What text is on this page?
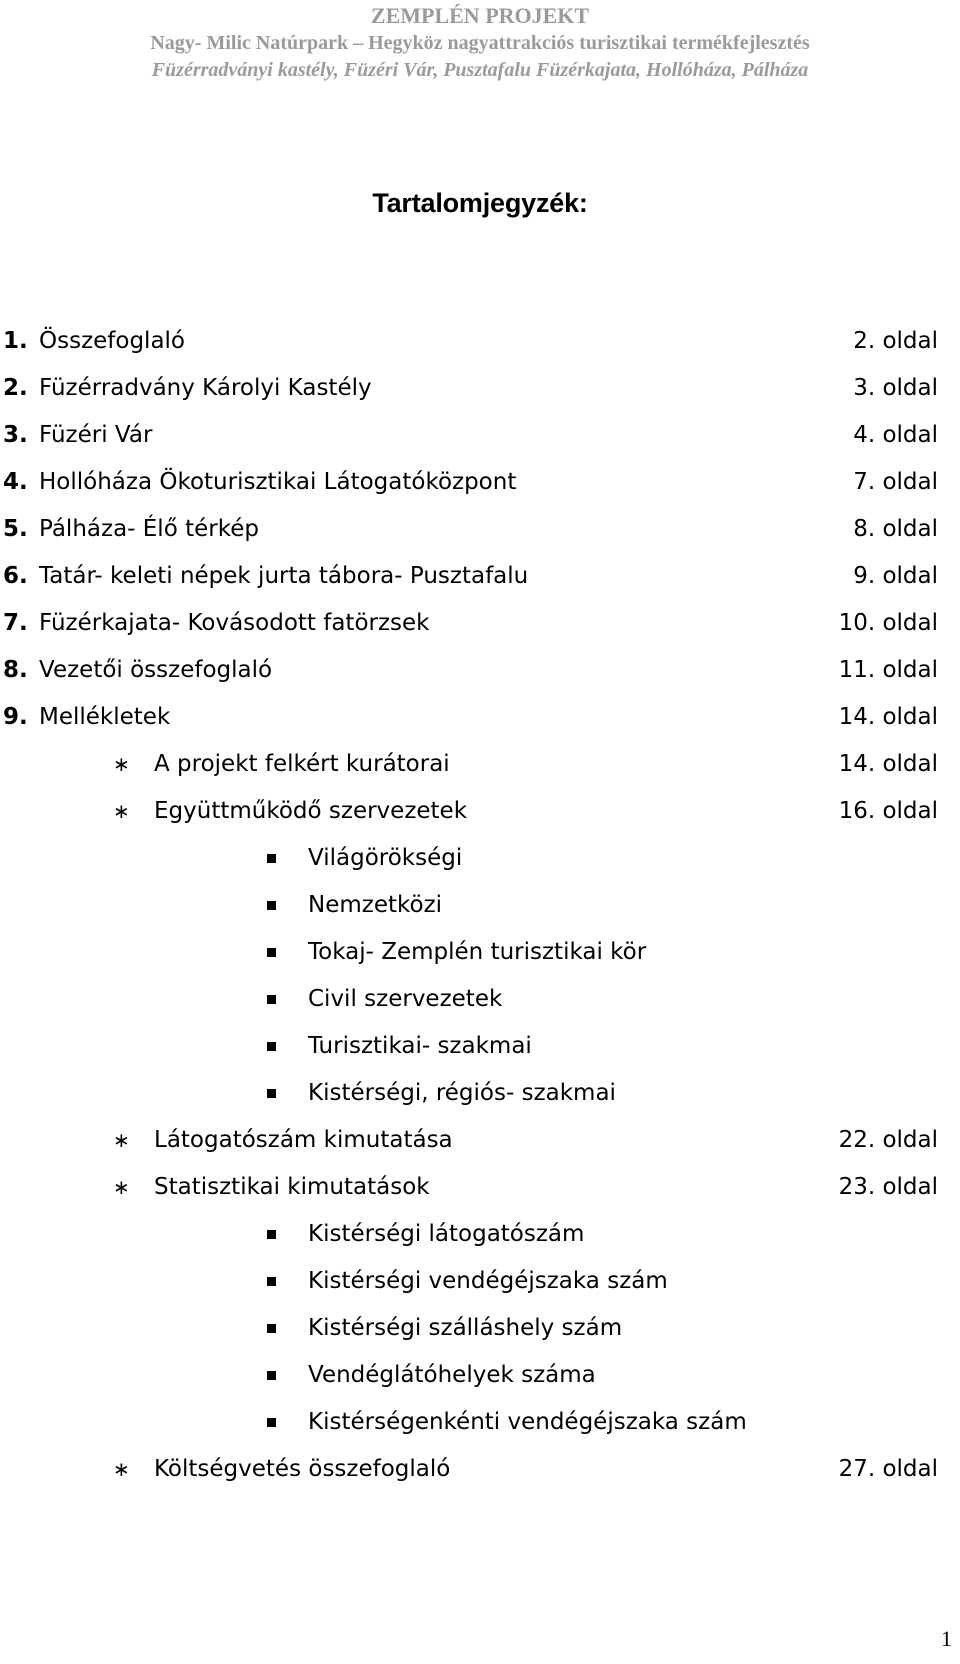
ZEMPLÉN PROJEKT
Nagy- Milic Natúrpark – Hegyköz nagyattrakciós turisztikai termékfejlesztés
Füzérradványi kastély, Füzéri Vár, Pusztafalu Füzérkajata, Hollóháza, Pálháza
Tartalomjegyzék:
1. Összefoglaló	2. oldal
2. Füzérradvány Károlyi Kastély	3. oldal
3. Füzéri Vár	4. oldal
4. Hollóháza Ökoturisztikai Látogatóközpont	7. oldal
5. Pálháza- Élő térkép	8. oldal
6. Tatár- keleti népek jurta tábora- Pusztafalu	9. oldal
7. Füzérkajata- Kovásodott fatörzsek	10. oldal
8. Vezetői összefoglaló	11. oldal
9. Mellékletek	14. oldal
∗ A projekt felkért kurátorai	14. oldal
∗ Együttműködő szervezetek	16. oldal
Világörökségi
Nemzetközi
Tokaj- Zemplén turisztikai kör
Civil szervezetek
Turisztikai- szakmai
Kistérségi, régiós- szakmai
∗ Látogatószám kimutatása	22. oldal
∗ Statisztikai kimutatások	23. oldal
Kistérségi látogatószám
Kistérségi vendégéjszaka szám
Kistérségi szálláshely szám
Vendéglátóhelyek száma
Kistérségenkénti vendégéjszaka szám
∗ Költségvetés összefoglaló	27. oldal
1
